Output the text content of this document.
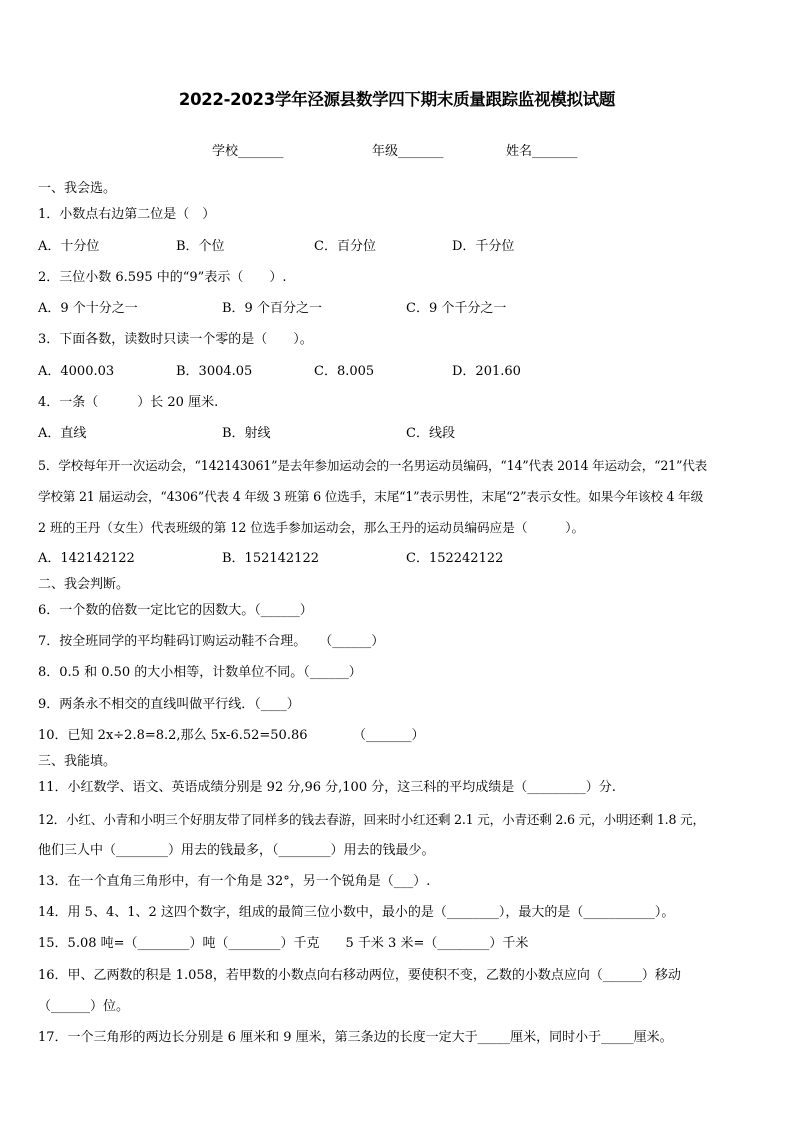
2022-2023学年泾源县数学四下期末质量跟踪监视模拟试题
学校_______	年级_______	姓名_______
一、我会选。
1．小数点右边第二位是（　）
A．十分位	B．个位	C．百分位	D．千分位
2．三位小数 6.595 中的“9”表示（　　）.
A．9 个十分之一	B．9 个百分之一	C．9 个千分之一
3．下面各数，读数时只读一个零的是（　　）。
A．4000.03	B．3004.05	C．8.005	D．201.60
4．一条（　　　）长 20 厘米.
A．直线	B．射线	C．线段
5．学校每年开一次运动会，“142143061”是去年参加运动会的一名男运动员编码，“14”代表 2014 年运动会，“21”代表
学校第 21 届运动会，“4306”代表 4 年级 3 班第 6 位选手，末尾“1”表示男性，末尾“2”表示女性。如果今年该校 4 年级
2 班的王丹（女生）代表班级的第 12 位选手参加运动会，那么王丹的运动员编码应是（　　　）。
A．142142122	B．152142122	C．152242122
二、我会判断。
6．一个数的倍数一定比它的因数大。（______）
7．按全班同学的平均鞋码订购运动鞋不合理。　　（______）
8．0.5 和 0.50 的大小相等，计数单位不同。（______）
9．两条永不相交的直线叫做平行线．（____）
10．已知 2x÷2.8=8.2,那么 5x-6.52=50.86　　　　（_______）
三、我能填。
11．小红数学、语文、英语成绩分别是 92 分,96 分,100 分，这三科的平均成绩是（_________）分.
12．小红、小青和小明三个好朋友带了同样多的钱去春游，回来时小红还剩 2.1 元，小青还剩 2.6 元，小明还剩 1.8 元，
他们三人中（________）用去的钱最多，（________）用去的钱最少。
13．在一个直角三角形中，有一个角是 32°，另一个锐角是（___）.
14．用 5、4、1、2 这四个数字，组成的最简三位小数中，最小的是（________），最大的是（___________）。
15．5.08 吨=（________）吨（________）千克　　5 千米 3 米=（________）千米
16．甲、乙两数的积是 1.058，若甲数的小数点向右移动两位，要使积不变，乙数的小数点应向（______）移动
（______）位。
17．一个三角形的两边长分别是 6 厘米和 9 厘米，第三条边的长度一定大于_____厘米，同时小于_____厘米。
